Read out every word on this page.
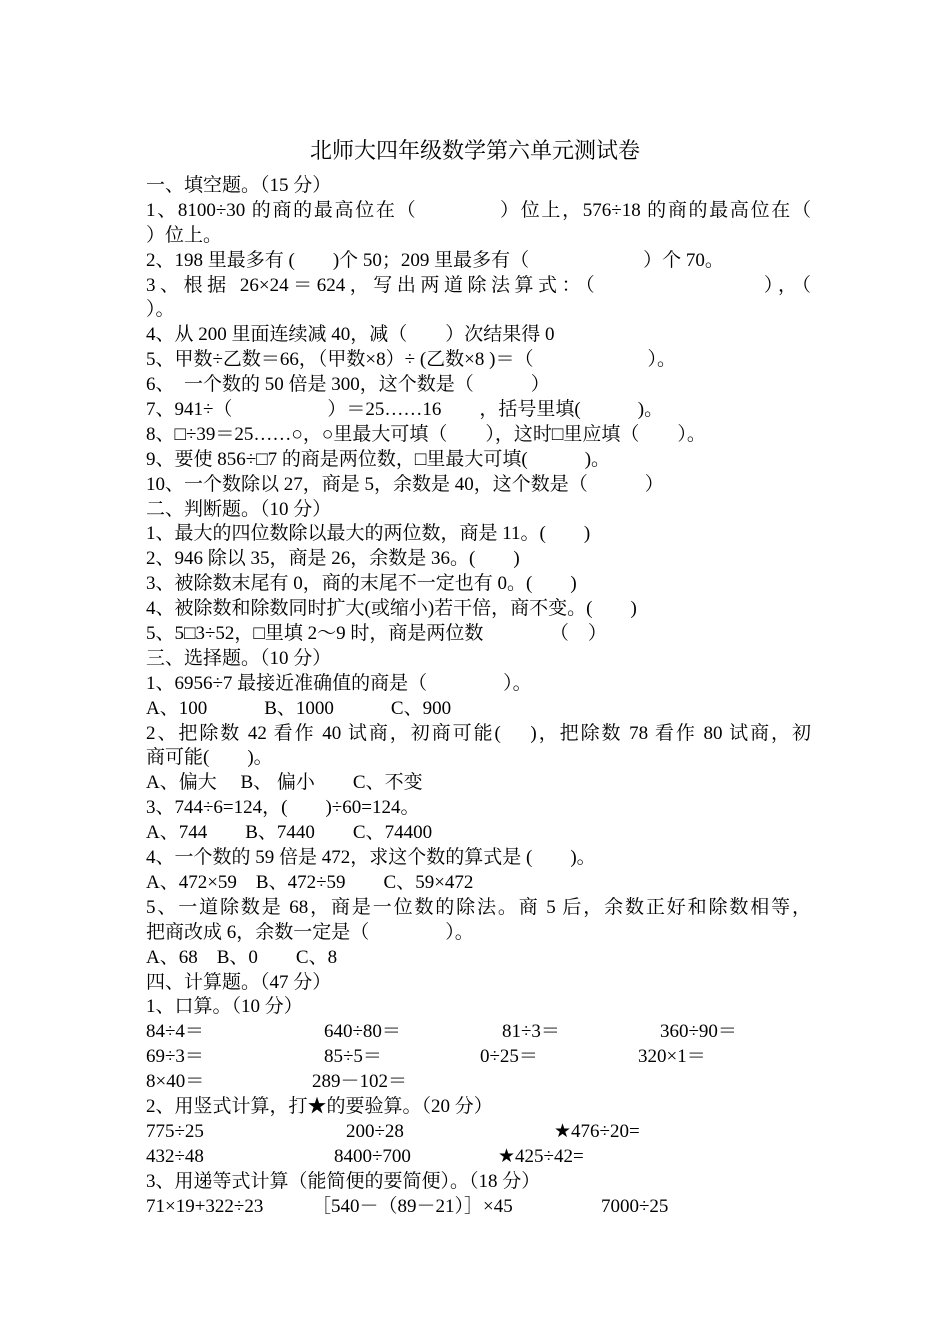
北师大四年级数学第六单元测试卷
一、填空题。（15 分）
1、8100÷30 的商的最高位在（　　　　）位上，576÷18 的商的最高位在（
）位上。
2、198 里最多有 (　　)个 50；209 里最多有（　　　　　　）个 70。
3、根据 26×24＝624，写出两道除法算式：（　　　　　　　），（
）。
4、从 200 里面连续减 40，减（　　）次结果得 0
5、甲数÷乙数＝66，（甲数×8）÷ (乙数×8 )＝（　　　　　　）。
6、　一个数的 50 倍是 300，这个数是（　　　）
7、941÷（　　　　　）＝25……16　　，括号里填(　　　)。
8、□÷39＝25……○，○里最大可填（　　），这时□里应填（　　）。
9、要使 856÷□7 的商是两位数，□里最大可填(　　　)。
10、一个数除以 27，商是 5，余数是 40，这个数是（　　　）
二、判断题。（10 分）
1、最大的四位数除以最大的两位数，商是 11。(　　)
2、946 除以 35，商是 26，余数是 36。(　　)
3、被除数末尾有 0，商的末尾不一定也有 0。(　　)
4、被除数和除数同时扩大(或缩小)若干倍，商不变。(　　)
5、5□3÷52，□里填 2～9 时，商是两位数　　　　（　）
三、选择题。（10 分）
1、6956÷7 最接近准确值的商是（　　　　）。
A、100　　　B、1000　　　C、900
2、把除数 42 看作 40 试商，初商可能(　 )，把除数 78 看作 80 试商，初
商可能(　　)。
A、偏大　 B、 偏小　　C、不变
3、744÷6=124，(　　)÷60=124。
A、744　　B、7440　　C、74400
4、一个数的 59 倍是 472，求这个数的算式是 (　　)。
A、472×59　B、472÷59　　C、59×472
5、一道除数是 68，商是一位数的除法。商 5 后，余数正好和除数相等，
把商改成 6，余数一定是（　　　　）。
A、68　B、0　　C、8
四、计算题。（47 分）
1、口算。（10 分）
84÷4＝	640÷80＝	81÷3＝	360÷90＝
69÷3＝	85÷5＝	0÷25＝	320×1＝
8×40＝	289－102＝
2、用竖式计算，打★的要验算。（20 分）
775÷25	200÷28	★476÷20=
432÷48	8400÷700	★425÷42=
3、用递等式计算（能简便的要简便）。（18 分）
71×19+322÷23	［540－（89－21）］×45	7000÷25
